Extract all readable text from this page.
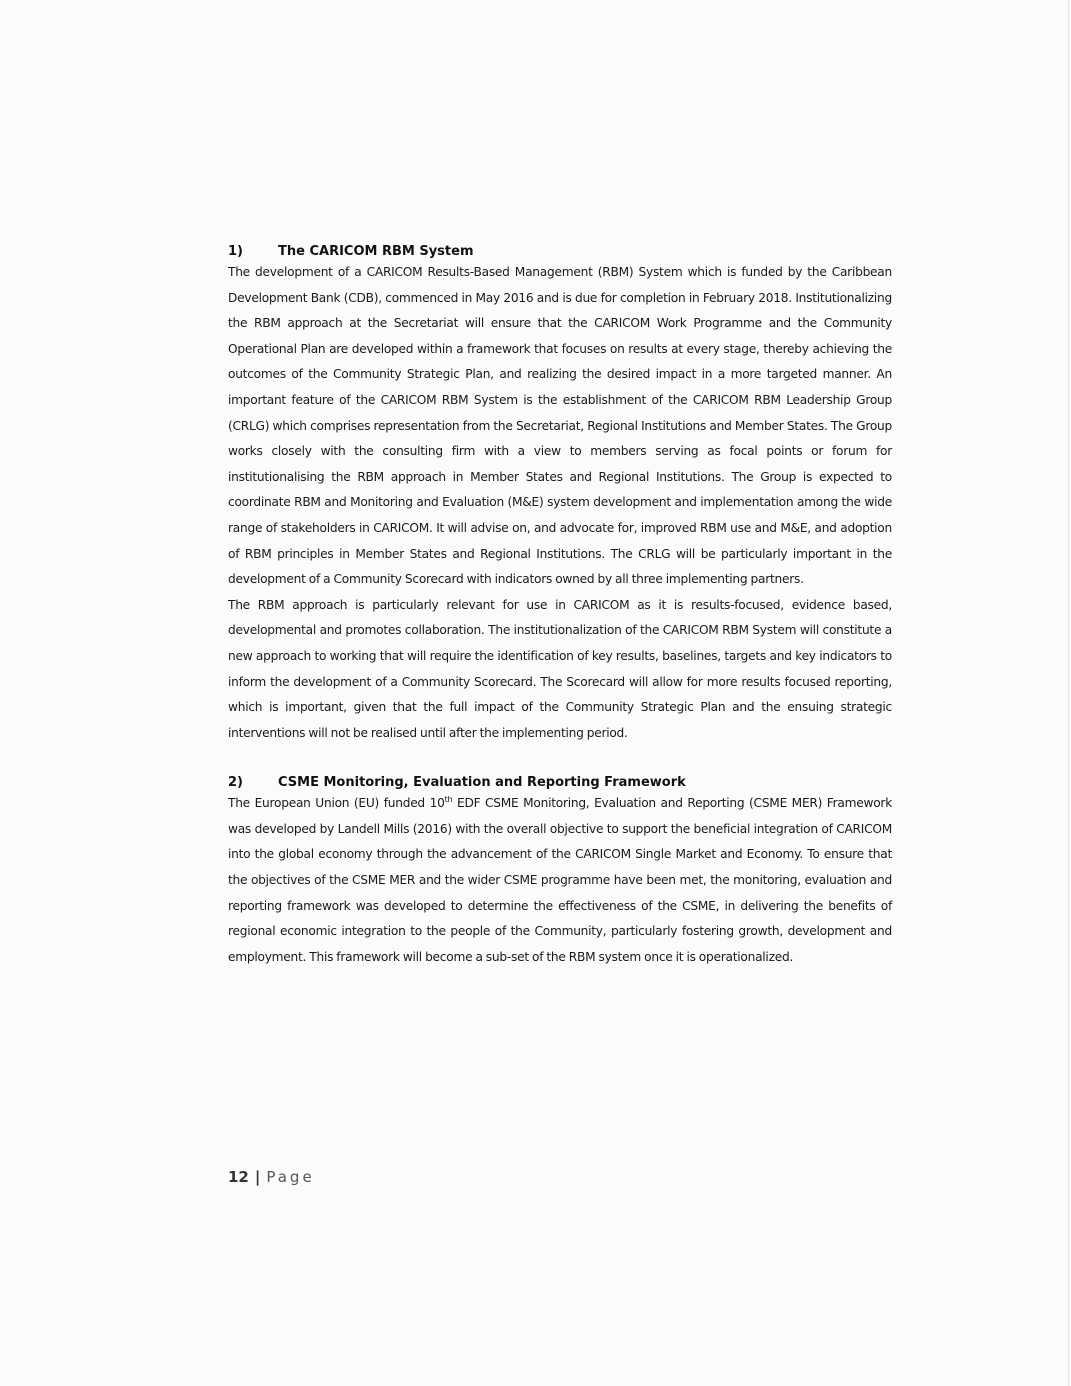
1)	The CARICOM RBM System

The development of a CARICOM Results-Based Management (RBM) System which is funded by the Caribbean Development Bank (CDB), commenced in May 2016 and is due for completion in February 2018. Institutionalizing the RBM approach at the Secretariat will ensure that the CARICOM Work Programme and the Community Operational Plan are developed within a framework that focuses on results at every stage, thereby achieving the outcomes of the Community Strategic Plan, and realizing the desired impact in a more targeted manner. An important feature of the CARICOM RBM System is the establishment of the CARICOM RBM Leadership Group (CRLG) which comprises representation from the Secretariat, Regional Institutions and Member States. The Group works closely with the consulting firm with a view to members serving as focal points or forum for institutionalising the RBM approach in Member States and Regional Institutions. The Group is expected to coordinate RBM and Monitoring and Evaluation (M&E) system development and implementation among the wide range of stakeholders in CARICOM. It will advise on, and advocate for, improved RBM use and M&E, and adoption of RBM principles in Member States and Regional Institutions. The CRLG will be particularly important in the development of a Community Scorecard with indicators owned by all three implementing partners.

The RBM approach is particularly relevant for use in CARICOM as it is results-focused, evidence based, developmental and promotes collaboration. The institutionalization of the CARICOM RBM System will constitute a new approach to working that will require the identification of key results, baselines, targets and key indicators to inform the development of a Community Scorecard. The Scorecard will allow for more results focused reporting, which is important, given that the full impact of the Community Strategic Plan and the ensuing strategic interventions will not be realised until after the implementing period.

2)	CSME Monitoring, Evaluation and Reporting Framework

The European Union (EU) funded 10th EDF CSME Monitoring, Evaluation and Reporting (CSME MER) Framework was developed by Landell Mills (2016) with the overall objective to support the beneficial integration of CARICOM into the global economy through the advancement of the CARICOM Single Market and Economy. To ensure that the objectives of the CSME MER and the wider CSME programme have been met, the monitoring, evaluation and reporting framework was developed to determine the effectiveness of the CSME, in delivering the benefits of regional economic integration to the people of the Community, particularly fostering growth, development and employment. This framework will become a sub-set of the RBM system once it is operationalized.

12 | Page
